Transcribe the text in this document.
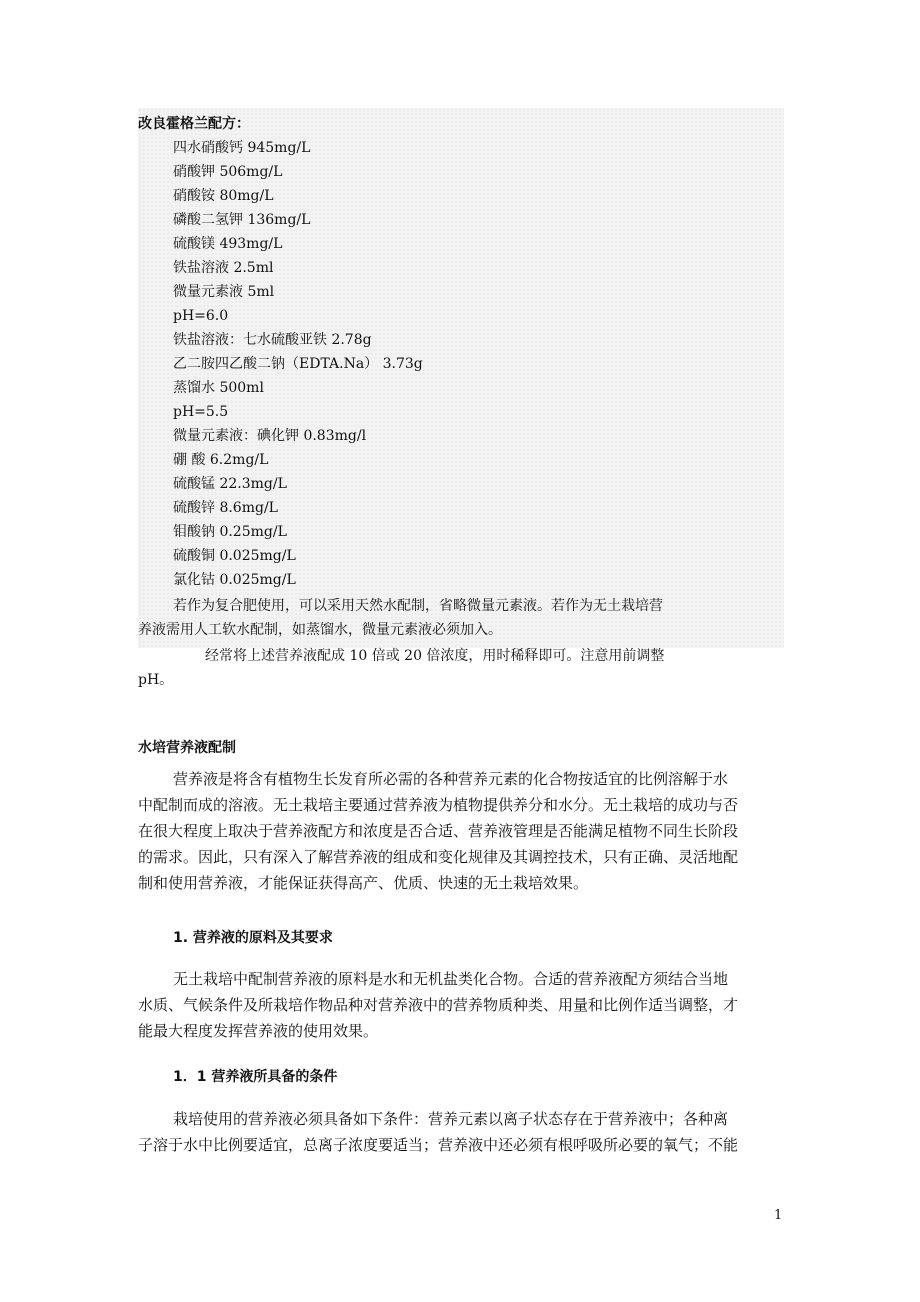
改良霍格兰配方：
四水硝酸钙 945mg/L
硝酸钾 506mg/L
硝酸铵 80mg/L
磷酸二氢钾 136mg/L
硫酸镁 493mg/L
铁盐溶液 2.5ml
微量元素液 5ml
pH=6.0
铁盐溶液：七水硫酸亚铁 2.78g
乙二胺四乙酸二钠（EDTA.Na） 3.73g
蒸馏水 500ml
pH=5.5
微量元素液：碘化钾 0.83mg/l
硼 酸 6.2mg/L
硫酸锰 22.3mg/L
硫酸锌 8.6mg/L
钼酸钠 0.25mg/L
硫酸铜 0.025mg/L
氯化钴 0.025mg/L
若作为复合肥使用，可以采用天然水配制，省略微量元素液。若作为无土栽培营
养液需用人工软水配制，如蒸馏水，微量元素液必须加入。
经常将上述营养液配成 10 倍或 20 倍浓度，用时稀释即可。注意用前调整
pH。
水培营养液配制
营养液是将含有植物生长发育所必需的各种营养元素的化合物按适宜的比例溶解于水
中配制而成的溶液。无土栽培主要通过营养液为植物提供养分和水分。无土栽培的成功与否
在很大程度上取决于营养液配方和浓度是否合适、营养液管理是否能满足植物不同生长阶段
的需求。因此，只有深入了解营养液的组成和变化规律及其调控技术，只有正确、灵活地配
制和使用营养液，才能保证获得高产、优质、快速的无土栽培效果。
1. 营养液的原料及其要求
无土栽培中配制营养液的原料是水和无机盐类化合物。合适的营养液配方须结合当地
水质、气候条件及所栽培作物品种对营养液中的营养物质种类、用量和比例作适当调整，才
能最大程度发挥营养液的使用效果。
1．1 营养液所具备的条件
栽培使用的营养液必须具备如下条件：营养元素以离子状态存在于营养液中；各种离
子溶于水中比例要适宜，总离子浓度要适当；营养液中还必须有根呼吸所必要的氧气；不能
1
